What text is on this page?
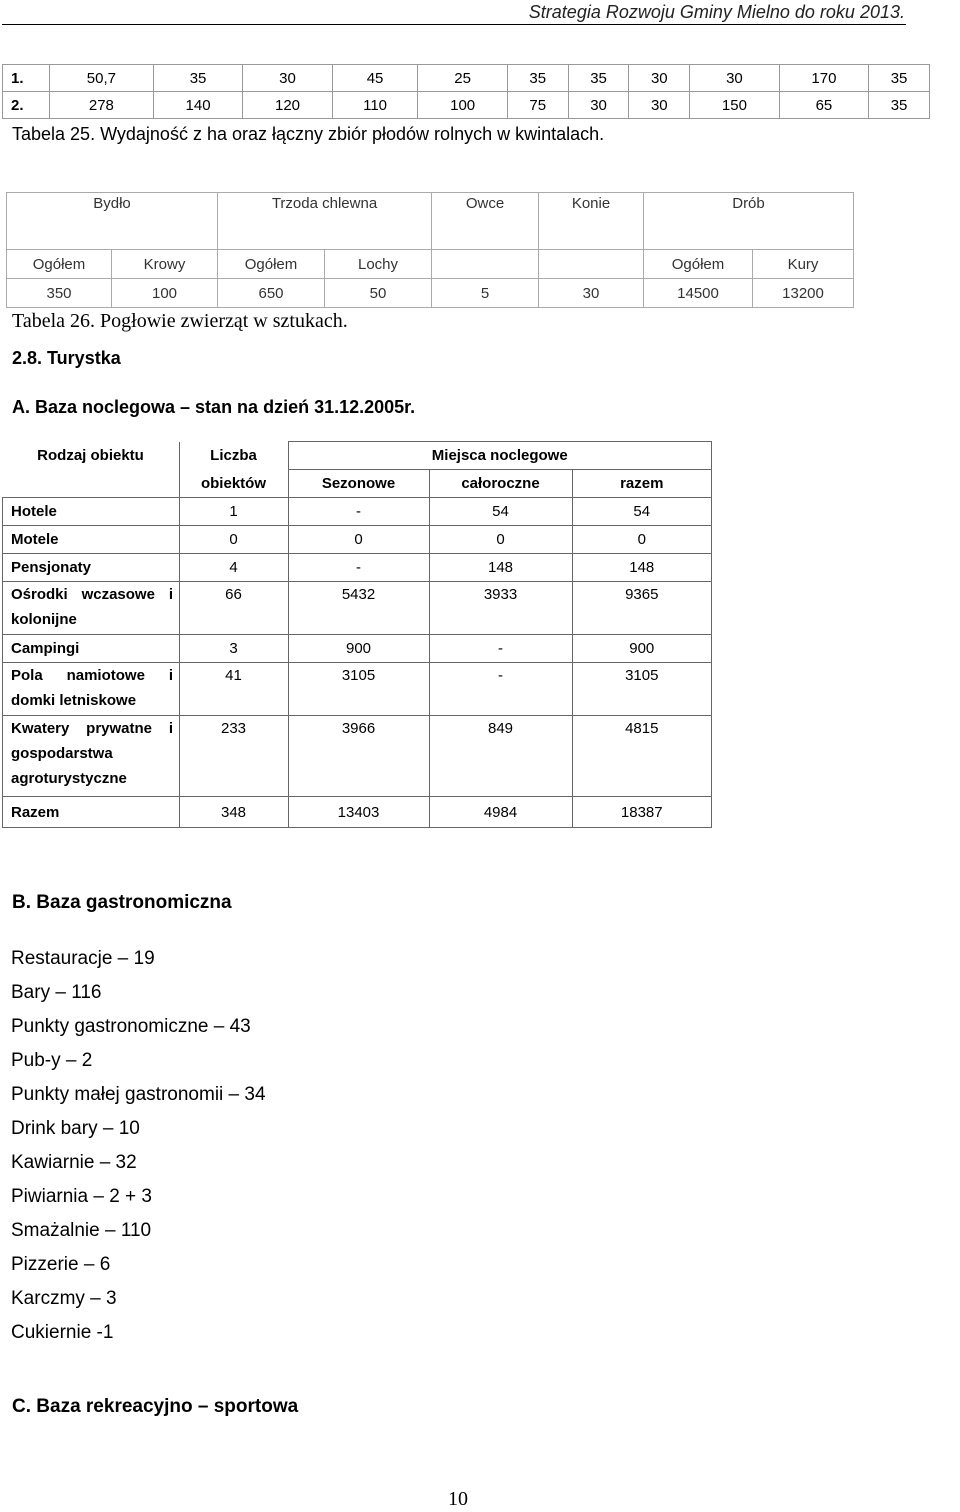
Strategia Rozwoju Gminy Mielno do roku 2013.
1.	50,7	35	30	45	25	35	35	30	30	170	35
2.	278	140	120	110	100	75	30	30	150	65	35
Tabela 25. Wydajność z ha oraz łączny zbiór płodów rolnych w kwintalach.
Bydło		Trzoda chlewna		Owce	Konie	Drób	
Ogółem	Krowy	Ogółem	Lochy			Ogółem	Kury
350	100	650	50	5	30	14500	13200
Tabela 26. Pogłowie zwierząt w sztukach.
2.8. Turystka
A. Baza noclegowa – stan na dzień 31.12.2005r.
Rodzaj obiektu	Liczba	Miejsca noclegowe		
	obiektów	Sezonowe	całoroczne	razem
Hotele	1	-	54	54
Motele	0	0	0	0
Pensjonaty	4	-	148	148

Ośrodki wczasowe i
kolonijne	66	5432	3933	9365
Campingi	3	900	-	900

Pola namiotowe i
domki letniskowe	41	3105	-	3105

Kwatery prywatne i
gospodarstwa
agroturystyczne	233	3966	849	4815
Razem	348	13403	4984	18387
B. Baza gastronomiczna
Restauracje – 19
Bary – 116
Punkty gastronomiczne – 43
Pub-y – 2
Punkty małej gastronomii – 34
Drink bary – 10
Kawiarnie – 32
Piwiarnia – 2 + 3
Smażalnie – 110
Pizzerie – 6
Karczmy – 3
Cukiernie -1
C. Baza rekreacyjno – sportowa
10
